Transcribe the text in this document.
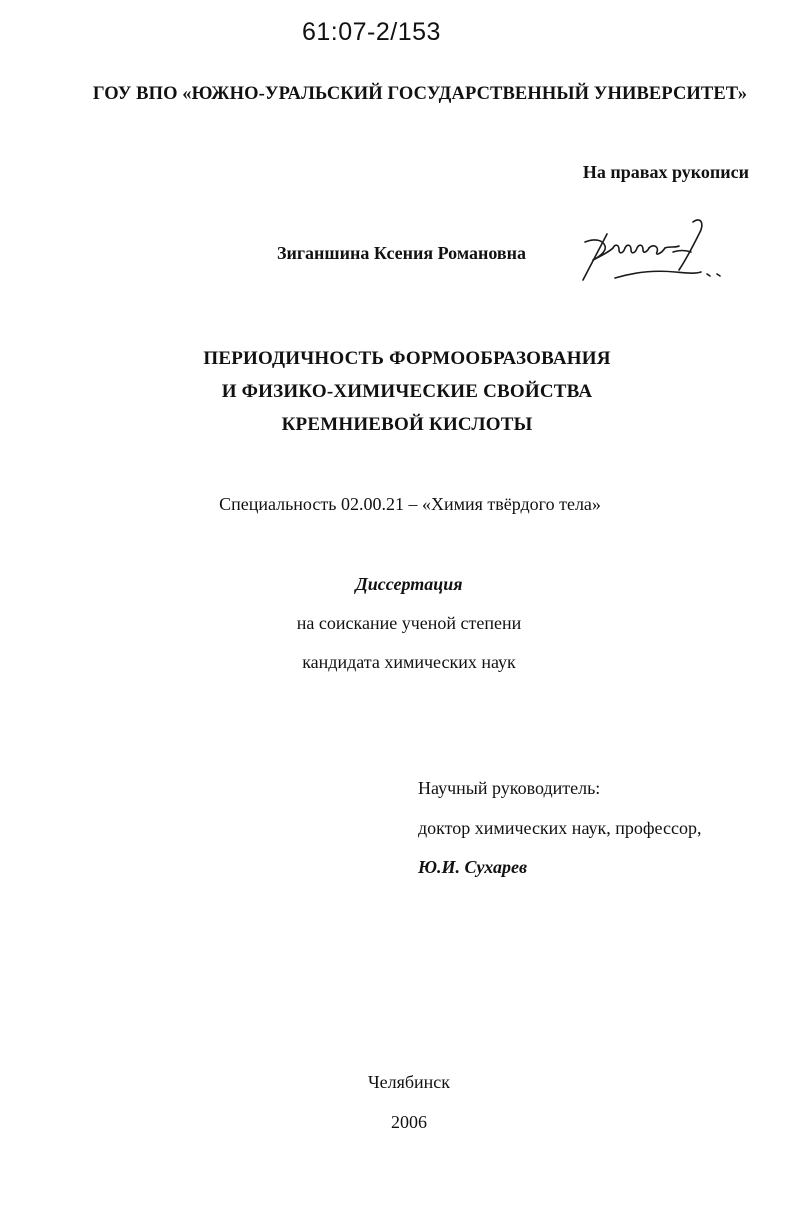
61:07-2/153
ГОУ ВПО «ЮЖНО-УРАЛЬСКИЙ ГОСУДАРСТВЕННЫЙ УНИВЕРСИТЕТ»
На правах рукописи
Зиганшина Ксения Романовна
ПЕРИОДИЧНОСТЬ ФОРМООБРАЗОВАНИЯ
И ФИЗИКО-ХИМИЧЕСКИЕ СВОЙСТВА
КРЕМНИЕВОЙ КИСЛОТЫ
Специальность 02.00.21 – «Химия твёрдого тела»
Диссертация
на соискание ученой степени
кандидата химических наук
Научный руководитель:
доктор химических наук, профессор,
Ю.И. Сухарев
Челябинск
2006
